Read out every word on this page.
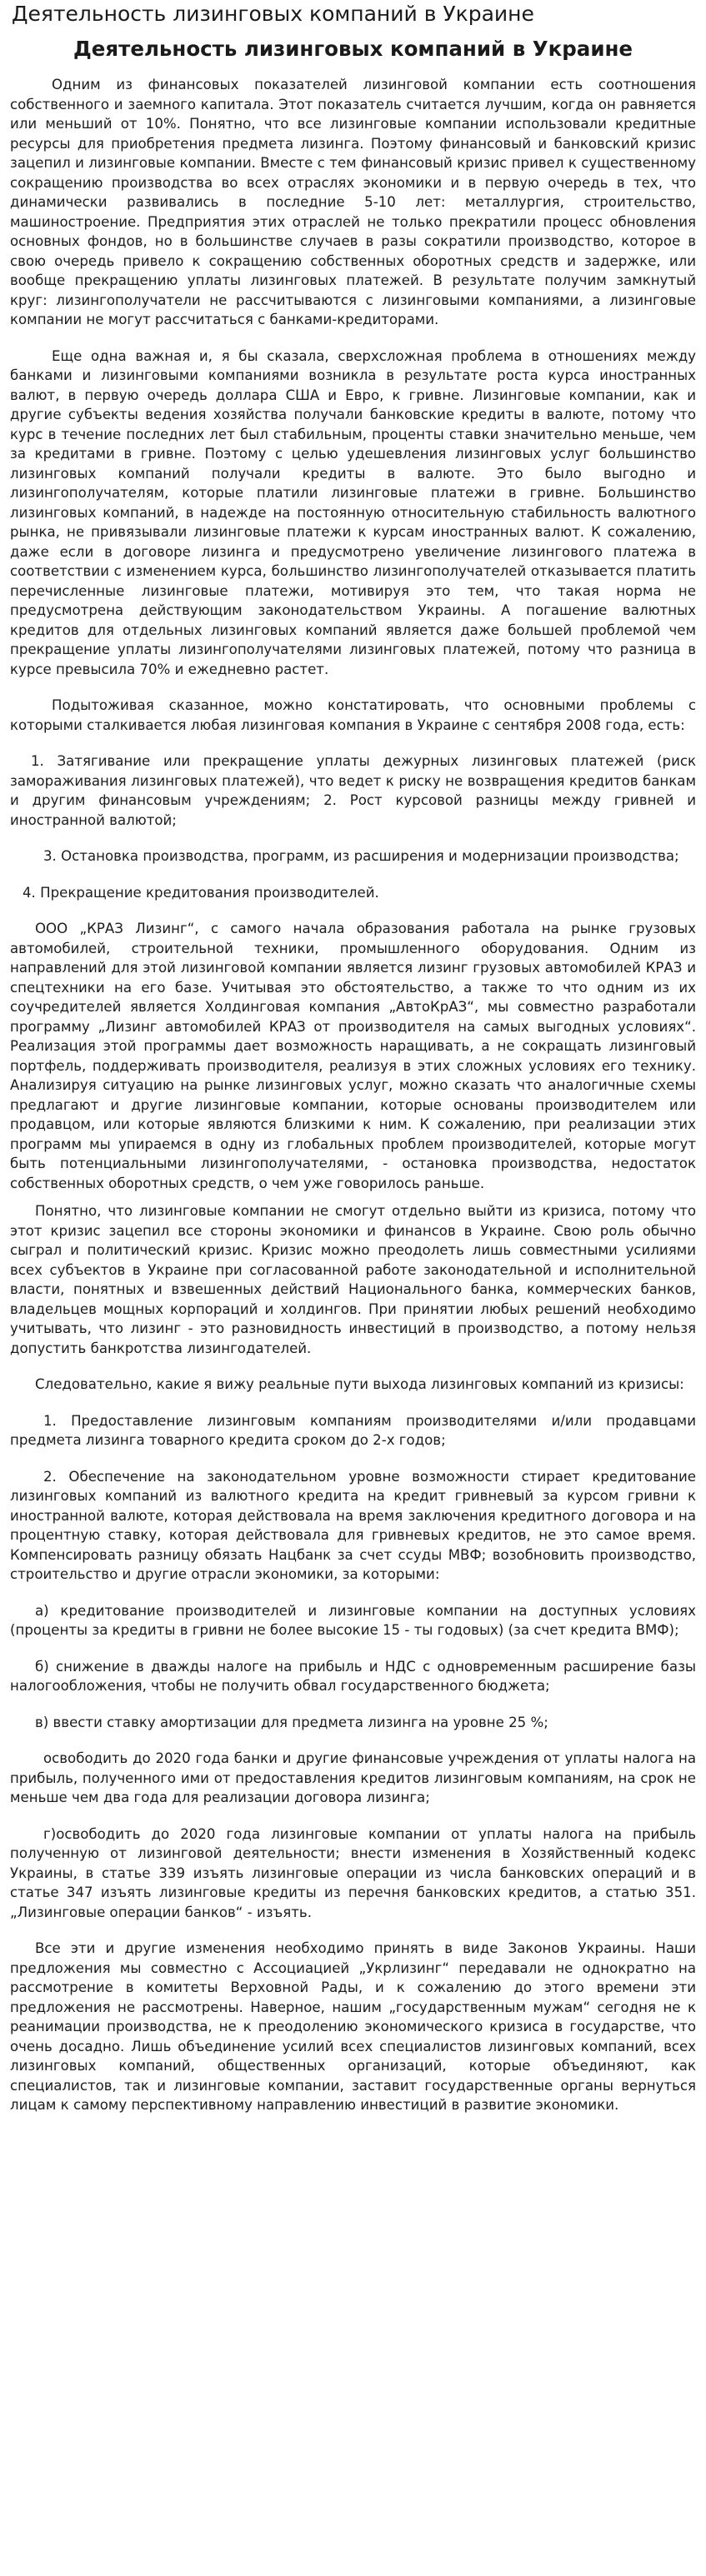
Деятельность лизинговых компаний в Украине
Деятельность лизинговых компаний в Украине

Одним из финансовых показателей лизинговой компании есть соотношения собственного и заемного капитала. Этот показатель считается лучшим, когда он равняется или меньший от 10%. Понятно, что все лизинговые компании использовали кредитные ресурсы для приобретения предмета лизинга. Поэтому финансовый и банковский кризис зацепил и лизинговые компании. Вместе с тем финансовый кризис привел к существенному сокращению производства во всех отраслях экономики и в первую очередь в тех, что динамически развивались в последние 5-10 лет: металлургия, строительство, машиностроение. Предприятия этих отраслей не только прекратили процесс обновления основных фондов, но в большинстве случаев в разы сократили производство, которое в свою очередь привело к сокращению собственных оборотных средств и задержке, или вообще прекращению уплаты лизинговых платежей. В результате получим замкнутый круг: лизингополучатели не рассчитываются с лизинговыми компаниями, а лизинговые компании не могут рассчитаться с банками-кредиторами.

Еще одна важная и, я бы сказала, сверхсложная проблема в отношениях между банками и лизинговыми компаниями возникла в результате роста курса иностранных валют, в первую очередь доллара США и Евро, к гривне. Лизинговые компании, как и другие субъекты ведения хозяйства получали банковские кредиты в валюте, потому что курс в течение последних лет был стабильным, проценты ставки значительно меньше, чем за кредитами в гривне. Поэтому с целью удешевления лизинговых услуг большинство лизинговых компаний получали кредиты в валюте. Это было выгодно и лизингополучателям, которые платили лизинговые платежи в гривне. Большинство лизинговых компаний, в надежде на постоянную относительную стабильность валютного рынка, не привязывали лизинговые платежи к курсам иностранных валют. К сожалению, даже если в договоре лизинга и предусмотрено увеличение лизингового платежа в соответствии с изменением курса, большинство лизингополучателей отказывается платить перечисленные лизинговые платежи, мотивируя это тем, что такая норма не предусмотрена действующим законодательством Украины. А погашение валютных кредитов для отдельных лизинговых компаний является даже большей проблемой чем прекращение уплаты лизингополучателями лизинговых платежей, потому что разница в курсе превысила 70% и ежедневно растет.

Подытоживая сказанное, можно констатировать, что основными проблемы с которыми сталкивается любая лизинговая компания в Украине с сентября 2008 года, есть:

1. Затягивание или прекращение уплаты дежурных лизинговых платежей (риск замораживания лизинговых платежей), что ведет к риску не возвращения кредитов банкам и другим финансовым учреждениям; 2. Рост курсовой разницы между гривней и иностранной валютой;

3. Остановка производства, программ, из расширения и модернизации производства;

4. Прекращение кредитования производителей.

ООО „КРАЗ Лизинг“, с самого начала образования работала на рынке грузовых автомобилей, строительной техники, промышленного оборудования. Одним из направлений для этой лизинговой компании является лизинг грузовых автомобилей КРАЗ и спецтехники на его базе. Учитывая это обстоятельство, а также то что одним из их соучредителей является Холдинговая компания „АвтоКрАЗ“, мы совместно разработали программу „Лизинг автомобилей КРАЗ от производителя на самых выгодных условиях“. Реализация этой программы дает возможность наращивать, а не сокращать лизинговый портфель, поддерживать производителя, реализуя в этих сложных условиях его технику. Анализируя ситуацию на рынке лизинговых услуг, можно сказать что аналогичные схемы предлагают и другие лизинговые компании, которые основаны производителем или продавцом, или которые являются близкими к ним. К сожалению, при реализации этих программ мы упираемся в одну из глобальных проблем производителей, которые могут быть потенциальными лизингополучателями, - остановка производства, недостаток собственных оборотных средств, о чем уже говорилось раньше.

Понятно, что лизинговые компании не смогут отдельно выйти из кризиса, потому что этот кризис зацепил все стороны экономики и финансов в Украине. Свою роль обычно сыграл и политический кризис. Кризис можно преодолеть лишь совместными усилиями всех субъектов в Украине при согласованной работе законодательной и исполнительной власти, понятных и взвешенных действий Национального банка, коммерческих банков, владельцев мощных корпораций и холдингов. При принятии любых решений необходимо учитывать, что лизинг - это разновидность инвестиций в производство, а потому нельзя допустить банкротства лизингодателей.

Следовательно, какие я вижу реальные пути выхода лизинговых компаний из кризисы:

1. Предоставление лизинговым компаниям производителями и/или продавцами предмета лизинга товарного кредита сроком до 2-х годов;

2. Обеспечение на законодательном уровне возможности стирает кредитование лизинговых компаний из валютного кредита на кредит гривневый за курсом гривни к иностранной валюте, которая действовала на время заключения кредитного договора и на процентную ставку, которая действовала для гривневых кредитов, не это самое время. Компенсировать разницу обязать Нацбанк за счет ссуды МВФ; возобновить производство, строительство и другие отрасли экономики, за которыми:

а) кредитование производителей и лизинговые компании на доступных условиях (проценты за кредиты в гривни не более высокие 15 - ты годовых) (за счет кредита ВМФ);

б) снижение в дважды налоге на прибыль и НДС с одновременным расширение базы налогообложения, чтобы не получить обвал государственного бюджета;

в) ввести ставку амортизации для предмета лизинга на уровне 25 %;

освободить до 2020 года банки и другие финансовые учреждения от уплаты налога на прибыль, полученного ими от предоставления кредитов лизинговым компаниям, на срок не меньше чем два года для реализации договора лизинга;

г)освободить до 2020 года лизинговые компании от уплаты налога на прибыль полученную от лизинговой деятельности; внести изменения в Хозяйственный кодекс Украины, в статье 339 изъять лизинговые операции из числа банковских операций и в статье 347 изъять лизинговые кредиты из перечня банковских кредитов, а статью 351. „Лизинговые операции банков“ - изъять.

Все эти и другие изменения необходимо принять в виде Законов Украины. Наши предложения мы совместно с Ассоциацией „Укрлизинг“ передавали не однократно на рассмотрение в комитеты Верховной Рады, и к сожалению до этого времени эти предложения не рассмотрены. Наверное, нашим „государственным мужам“ сегодня не к реанимации производства, не к преодолению экономического кризиса в государстве, что очень досадно. Лишь объединение усилий всех специалистов лизинговых компаний, всех лизинговых компаний, общественных организаций, которые объединяют, как специалистов, так и лизинговые компании, заставит государственные органы вернуться лицам к самому перспективному направлению инвестиций в развитие экономики.
